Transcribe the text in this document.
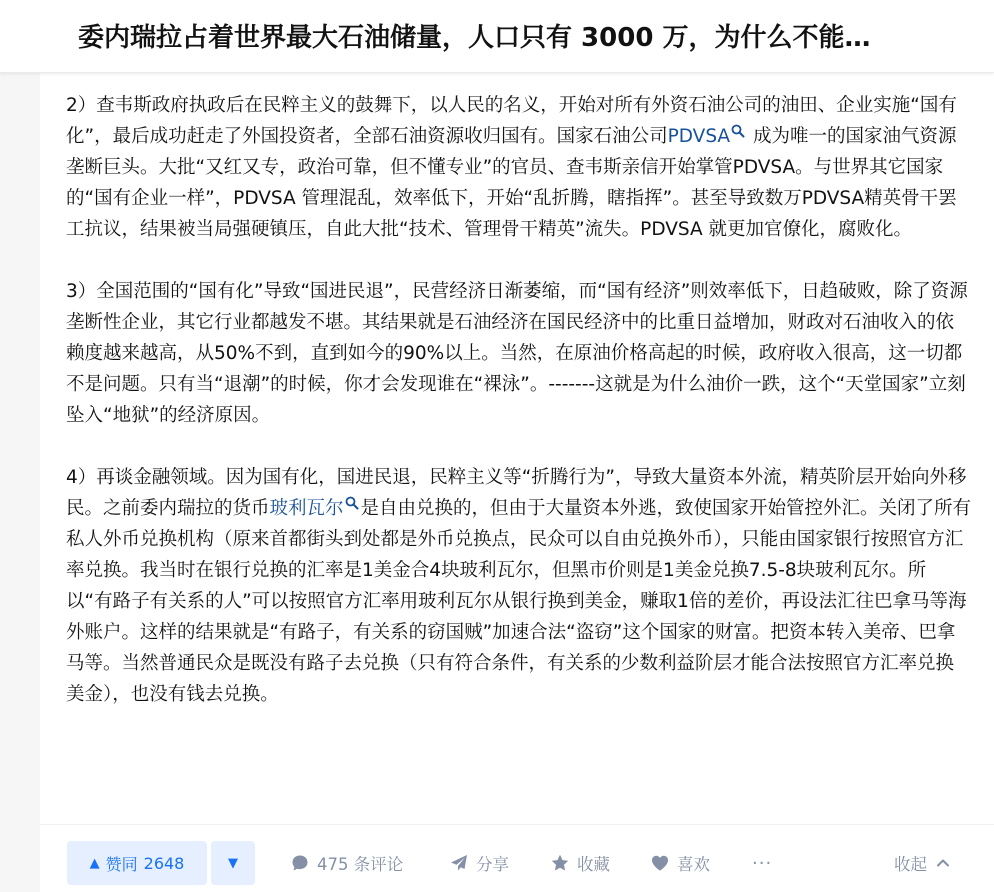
委内瑞拉占着世界最大石油储量，人口只有 3000 万，为什么不能…

2）查韦斯政府执政后在民粹主义的鼓舞下，以人民的名义，开始对所有外资石油公司的油田、企业实施“国有化”，最后成功赶走了外国投资者，全部石油资源收归国有。国家石油公司PDVSA 成为唯一的国家油气资源垄断巨头。大批“又红又专，政治可靠，但不懂专业”的官员、查韦斯亲信开始掌管PDVSA。与世界其它国家的“国有企业一样”，PDVSA 管理混乱，效率低下，开始“乱折腾，瞎指挥”。甚至导致数万PDVSA精英骨干罢工抗议，结果被当局强硬镇压，自此大批“技术、管理骨干精英”流失。PDVSA 就更加官僚化，腐败化。

3）全国范围的“国有化”导致“国进民退”，民营经济日渐萎缩，而“国有经济”则效率低下，日趋破败，除了资源垄断性企业，其它行业都越发不堪。其结果就是石油经济在国民经济中的比重日益增加，财政对石油收入的依赖度越来越高，从50%不到，直到如今的90%以上。当然，在原油价格高起的时候，政府收入很高，这一切都不是问题。只有当“退潮”的时候，你才会发现谁在“裸泳”。-------这就是为什么油价一跌，这个“天堂国家”立刻坠入“地狱”的经济原因。

4）再谈金融领域。因为国有化，国进民退，民粹主义等“折腾行为”，导致大量资本外流，精英阶层开始向外移民。之前委内瑞拉的货币玻利瓦尔 是自由兑换的，但由于大量资本外逃，致使国家开始管控外汇。关闭了所有私人外币兑换机构（原来首都街头到处都是外币兑换点，民众可以自由兑换外币），只能由国家银行按照官方汇率兑换。我当时在银行兑换的汇率是1美金合4块玻利瓦尔，但黑市价则是1美金兑换7.5-8块玻利瓦尔。所以“有路子有关系的人”可以按照官方汇率用玻利瓦尔从银行换到美金，赚取1倍的差价，再设法汇往巴拿马等海外账户。这样的结果就是“有路子，有关系的窃国贼”加速合法“盗窃”这个国家的财富。把资本转入美帝、巴拿马等。当然普通民众是既没有路子去兑换（只有符合条件，有关系的少数利益阶层才能合法按照官方汇率兑换美金），也没有钱去兑换。

▲ 赞同 2648	▼	475 条评论	分享	收藏	喜欢 ···	收起
